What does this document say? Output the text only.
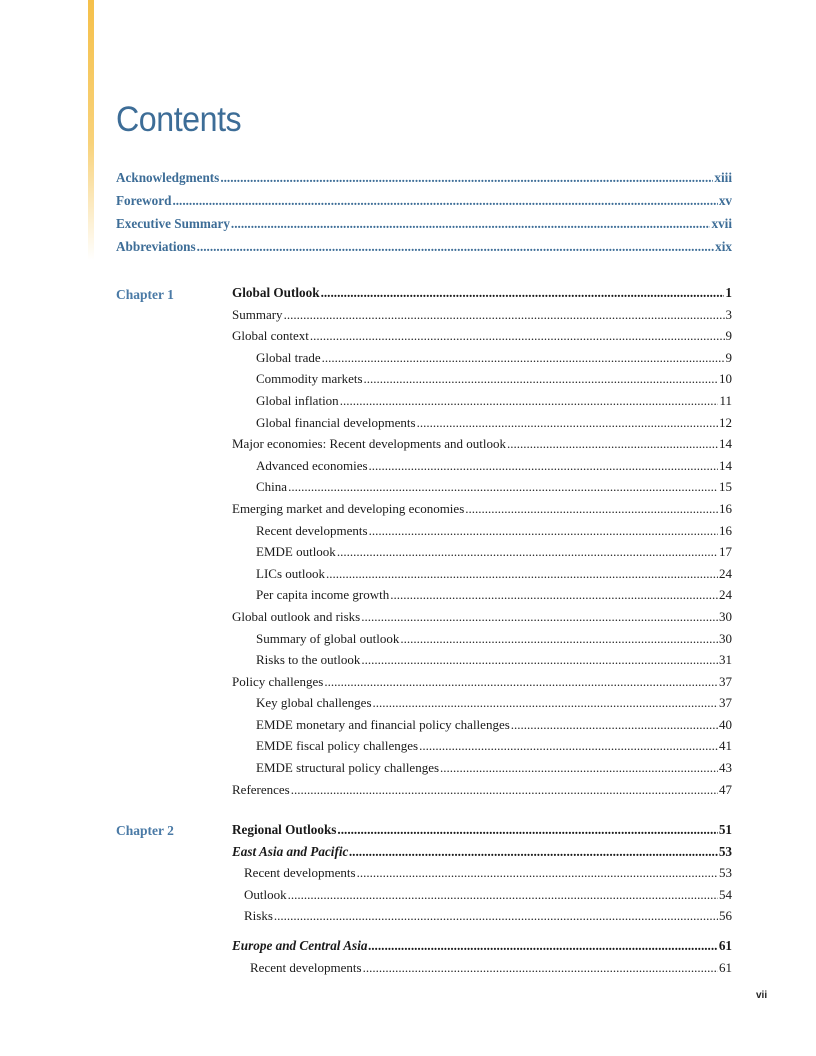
Contents
Acknowledgments .....	xiii
Foreword .....	xv
Executive Summary .....	xvii
Abbreviations .....	xix
Chapter 1	Global Outlook .....	1
Summary .....	3
Global context .....	9
Global trade .....	9
Commodity markets .....	10
Global inflation .....	11
Global financial developments .....	12
Major economies: Recent developments and outlook .....	14
Advanced economies .....	14
China .....	15
Emerging market and developing economies .....	16
Recent developments .....	16
EMDE outlook .....	17
LICs outlook .....	24
Per capita income growth .....	24
Global outlook and risks .....	30
Summary of global outlook .....	30
Risks to the outlook .....	31
Policy challenges .....	37
Key global challenges .....	37
EMDE monetary and financial policy challenges .....	40
EMDE fiscal policy challenges .....	41
EMDE structural policy challenges .....	43
References .....	47
Chapter 2	Regional Outlooks .....	51
East Asia and Pacific .....	53
Recent developments .....	53
Outlook .....	54
Risks .....	56
Europe and Central Asia .....	61
Recent developments .....	61
vii
